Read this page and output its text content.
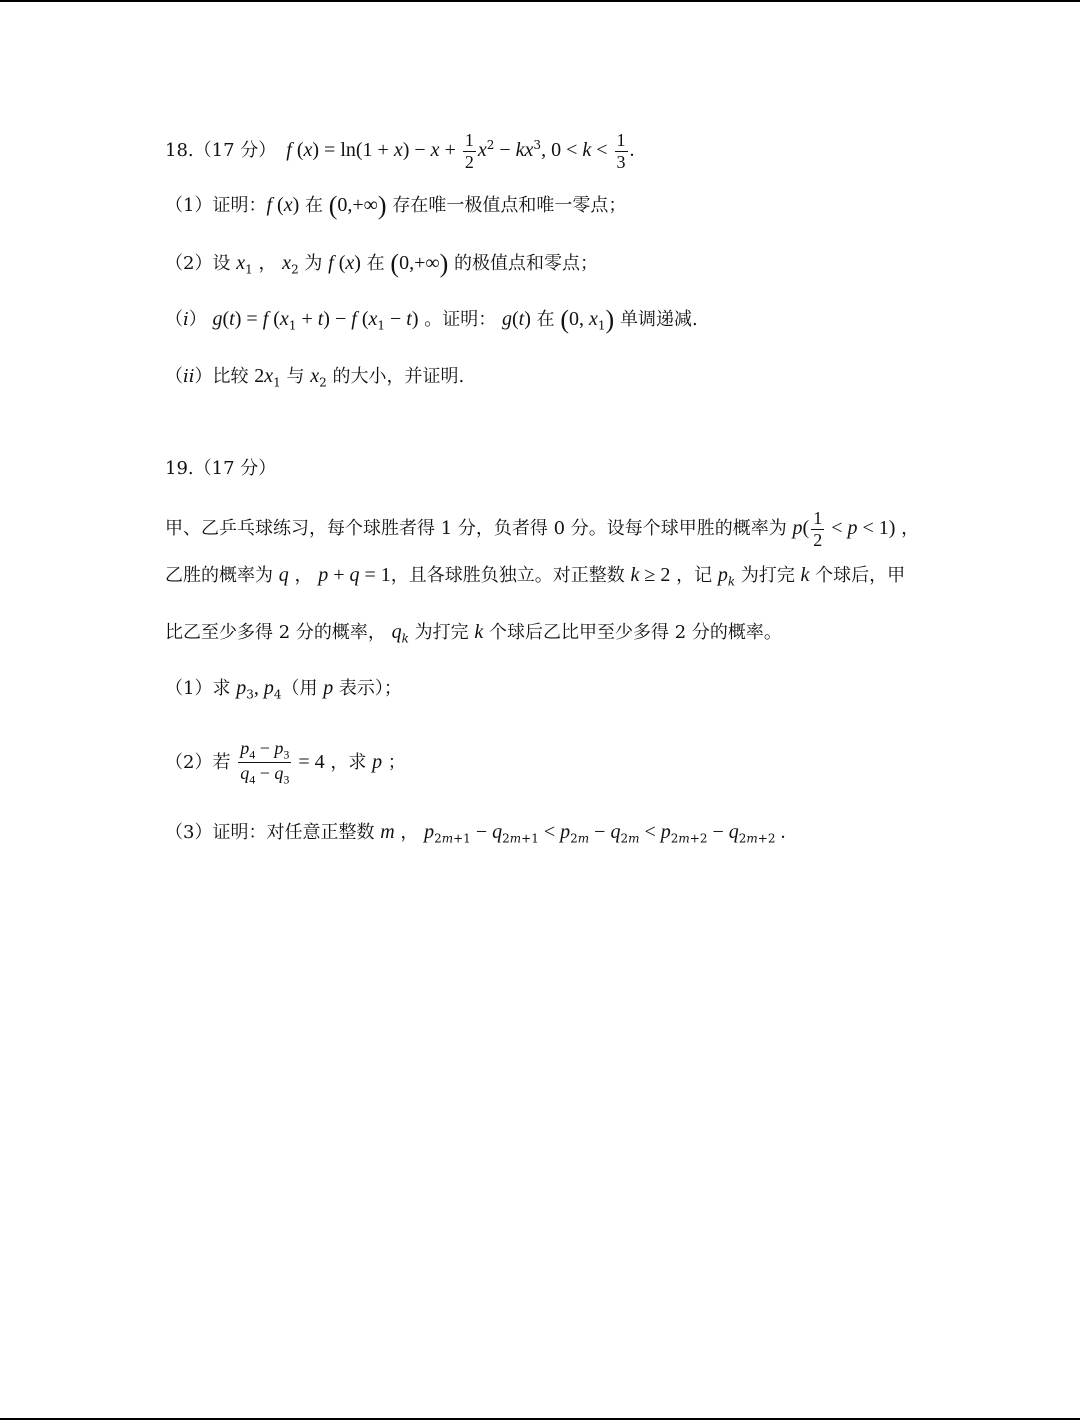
18.（17 分） f $(x) = \ln(1 + x) - x + \frac{1}{2} x^2 - kx^3$, $0 < k < \frac{1}{3}$ .
（1）证明：f (x) 在 (0,+∞) 存在唯一极值点和唯一零点；
（2）设 $x_1$ ， $x_2$ 为 f (x) 在 (0,+∞) 的极值点和零点；
（i） g(t) = f $(x_1 + t) - f$ $(x_1 - t)$ 。证明： g(t) 在 (0, $x_1$) 单调递减.
（ii）比较 $2x_1$ 与 $x_2$ 的大小，并证明.
19.（17 分）
甲、乙乒乓球练习，每个球胜者得 1 分，负者得 0 分。设每个球甲胜的概率为 $p( \frac{1}{2} < p < 1)$ ，
乙胜的概率为 q ， p + q = 1，且各球胜负独立。对正整数 k ≥ 2 ，记 $p_k$ 为打完 k 个球后，甲
比乙至少多得 2 分的概率， $q_k$ 为打完 k 个球后乙比甲至少多得 2 分的概率。
（1）求 $p_3$, $p_4$（用 p 表示）；
（2）若 $\frac{p_4 - p_3}{q_4 - q_3} = 4$ ，求 p ；
（3）证明：对任意正整数 m ， $p_{2m+1} - q_{2m+1} < p_{2m} - q_{2m} < p_{2m+2} - q_{2m+2}$ .
